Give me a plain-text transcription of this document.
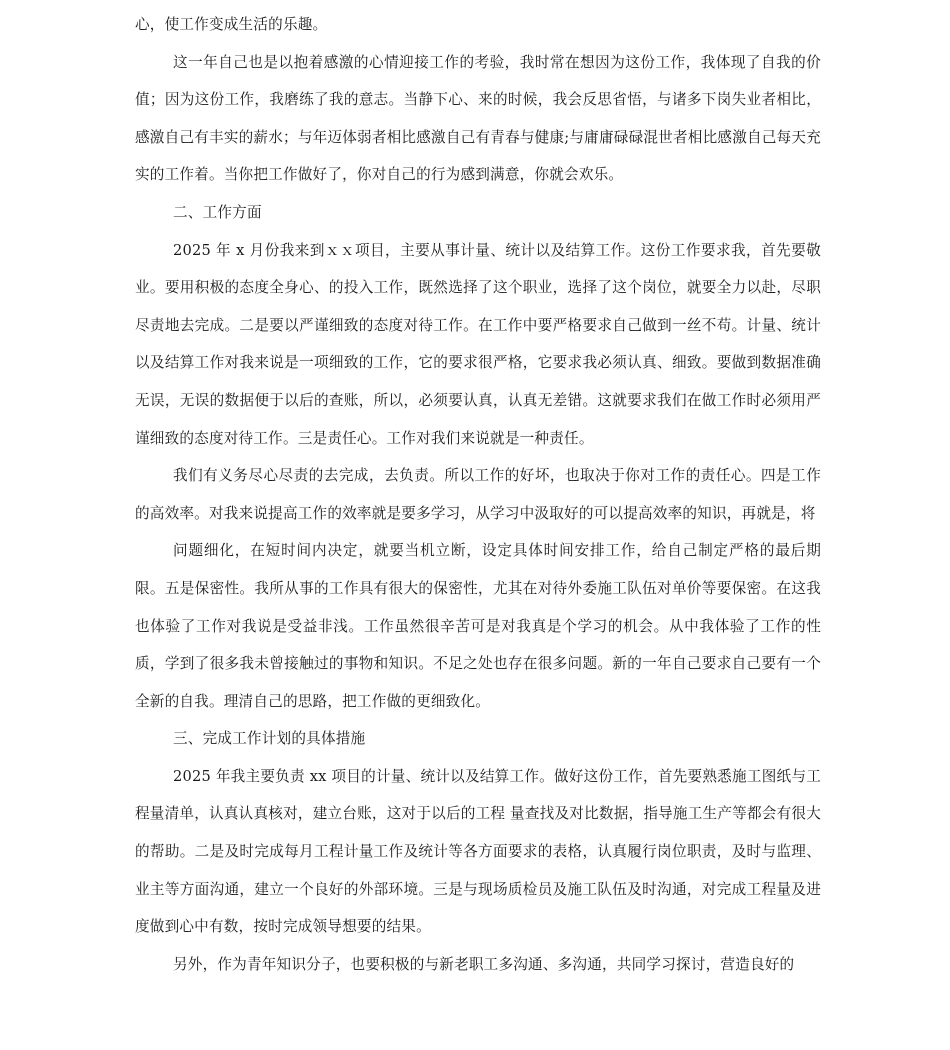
心，使工作变成生活的乐趣。

这一年自己也是以抱着感激的心情迎接工作的考验，我时常在想因为这份工作，我体现了自我的价值；因为这份工作，我磨练了我的意志。当静下心、来的时候，我会反思省悟，与诸多下岗失业者相比，感激自己有丰实的薪水；与年迈体弱者相比感激自己有青春与健康;与庸庸碌碌混世者相比感激自己每天充实的工作着。当你把工作做好了，你对自己的行为感到满意，你就会欢乐。

二、工作方面

2025 年 x 月份我来到ｘｘ项目，主要从事计量、统计以及结算工作。这份工作要求我，首先要敬业。要用积极的态度全身心、的投入工作，既然选择了这个职业，选择了这个岗位，就要全力以赴，尽职尽责地去完成。二是要以严谨细致的态度对待工作。在工作中要严格要求自己做到一丝不苟。计量、统计以及结算工作对我来说是一项细致的工作，它的要求很严格，它要求我必须认真、细致。要做到数据准确无误，无误的数据便于以后的查账，所以，必须要认真，认真无差错。这就要求我们在做工作时必须用严谨细致的态度对待工作。三是责任心。工作对我们来说就是一种责任。

我们有义务尽心尽责的去完成，去负责。所以工作的好坏，也取决于你对工作的责任心。四是工作的高效率。对我来说提高工作的效率就是要多学习，从学习中汲取好的可以提高效率的知识，再就是，将

问题细化，在短时间内决定，就要当机立断，设定具体时间安排工作，给自己制定严格的最后期限。五是保密性。我所从事的工作具有很大的保密性，尤其在对待外委施工队伍对单价等要保密。在这我也体验了工作对我说是受益非浅。工作虽然很辛苦可是对我真是个学习的机会。从中我体验了工作的性质，学到了很多我未曾接触过的事物和知识。不足之处也存在很多问题。新的一年自己要求自己要有一个全新的自我。理清自己的思路，把工作做的更细致化。

三、完成工作计划的具体措施

2025 年我主要负责 xx 项目的计量、统计以及结算工作。做好这份工作，首先要熟悉施工图纸与工程量清单，认真认真核对，建立台账，这对于以后的工程 量查找及对比数据，指导施工生产等都会有很大的帮助。二是及时完成每月工程计量工作及统计等各方面要求的表格，认真履行岗位职责，及时与监理、业主等方面沟通，建立一个良好的外部环境。三是与现场质检员及施工队伍及时沟通，对完成工程量及进度做到心中有数，按时完成领导想要的结果。

另外，作为青年知识分子，也要积极的与新老职工多沟通、多沟通，共同学习探讨，营造良好的
